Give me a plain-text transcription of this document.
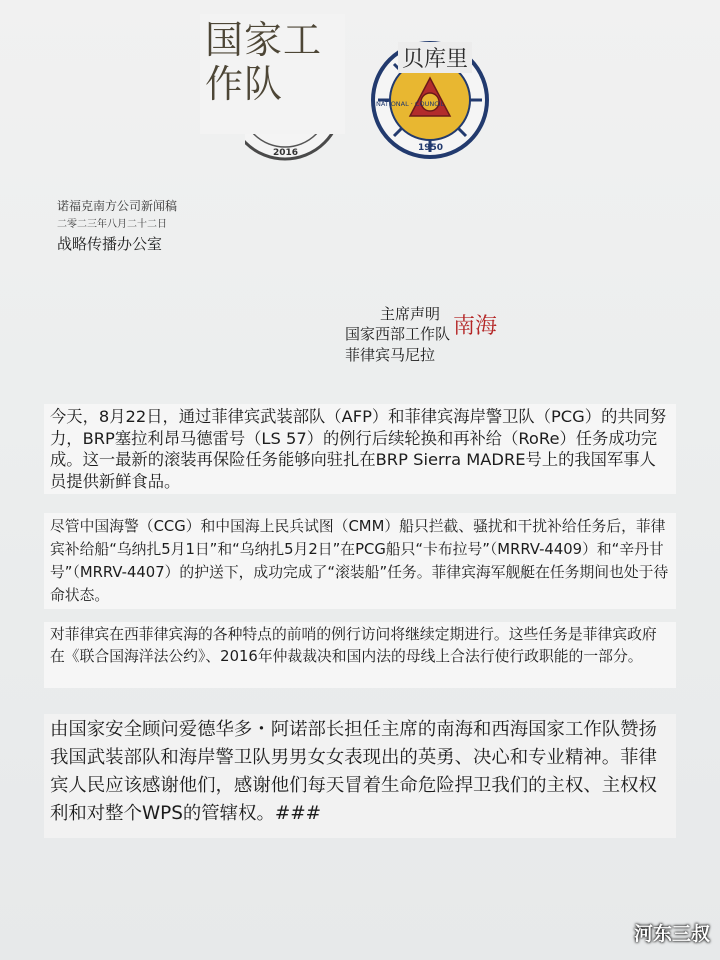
2016
国家工
作队
1950
NATIONAL · COUNCIL
贝库里
诺福克南方公司新闻稿
二零二三年八月二十二日
战略传播办公室
主席声明
国家西部工作队 南海
菲律宾马尼拉
今天，8月22日，通过菲律宾武装部队（AFP）和菲律宾海岸警卫队（PCG）的共同努力，BRP塞拉利昂马德雷号（LS 57）的例行后续轮换和再补给（RoRe）任务成功完成。这一最新的滚装再保险任务能够向驻扎在BRP Sierra MADRE号上的我国军事人员提供新鲜食品。
尽管中国海警（CCG）和中国海上民兵试图（CMM）船只拦截、骚扰和干扰补给任务后，菲律宾补给船“乌纳扎5月1日”和“乌纳扎5月2日”在PCG船只“卡布拉号”（MRRV-4409）和“辛丹甘号”（MRRV-4407）的护送下，成功完成了“滚装船”任务。菲律宾海军舰艇在任务期间也处于待命状态。
对菲律宾在西菲律宾海的各种特点的前哨的例行访问将继续定期进行。这些任务是菲律宾政府在《联合国海洋法公约》、2016年仲裁裁决和国内法的母线上合法行使行政职能的一部分。
由国家安全顾问爱德华多・阿诺部长担任主席的南海和西海国家工作队赞扬我国武装部队和海岸警卫队男男女女表现出的英勇、决心和专业精神。菲律宾人民应该感谢他们，感谢他们每天冒着生命危险捍卫我们的主权、主权权利和对整个WPS的管辖权。###
河东三叔
